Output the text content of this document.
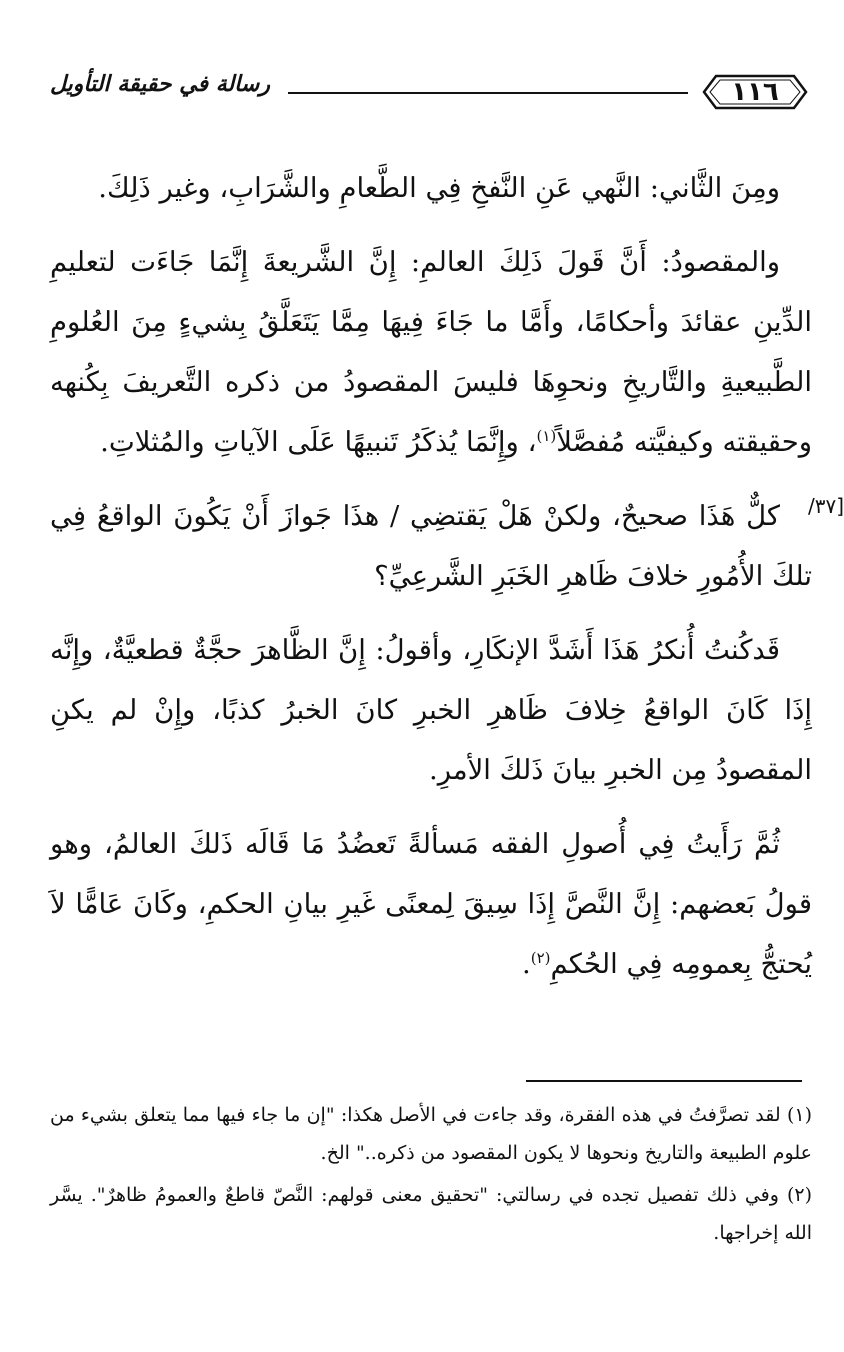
رسالة في حقيقة التأويل	١١٦
[٣٧/

ومِنَ الثَّاني: النَّهي عَنِ النَّفخِ فِي الطَّعامِ والشَّرَابِ، وغير ذَلِكَ.

والمقصودُ: أَنَّ قَولَ ذَلِكَ العالمِ: إِنَّ الشَّريعةَ إِنَّمَا جَاءَت لتعليمِ الدِّينِ عقائدَ وأحكامًا، وأَمَّا ما جَاءَ فِيهَا مِمَّا يَتَعَلَّقُ بِشيءٍ مِنَ العُلومِ الطَّبيعيةِ والتَّاريخِ ونحوِهَا فليسَ المقصودُ من ذكره التَّعريفَ بِكُنهه وحقيقته وكيفيَّته مُفصَّلاً$^{(١)}$، وإِنَّمَا يُذكَرُ تَنبيهًا عَلَى الآياتِ والمُثلاتِ.

كلٌّ هَذَا صحيحٌ، ولكنْ هَلْ يَقتضِي / هذَا جَوازَ أَنْ يَكُونَ الواقعُ فِي تلكَ الأُمُورِ خلافَ ظَاهرِ الخَبَرِ الشَّرعِيِّ؟

قَدكُنتُ أُنكرُ هَذَا أَشَدَّ الإنكَارِ، وأقولُ: إِنَّ الظَّاهرَ حجَّةٌ قطعيَّةٌ، وإِنَّه إِذَا كَانَ الواقعُ خِلافَ ظَاهرِ الخبرِ كانَ الخبرُ كذبًا، وإِنْ لم يكنِ المقصودُ مِن الخبرِ بيانَ ذَلكَ الأمرِ.

ثُمَّ رَأَيتُ فِي أُصولِ الفقه مَسألةً تَعضُدُ مَا قَالَه ذَلكَ العالمُ، وهو قولُ بَعضهم: إِنَّ النَّصَّ إِذَا سِيقَ لِمعنًى غَيرِ بيانِ الحكمِ، وكَانَ عَامًّا لاَ يُحتجُّ بِعمومِه فِي الحُكمِ$^{(٢)}$.

(١) لقد تصرَّفتُ في هذه الفقرة، وقد جاءت في الأصل هكذا: "إن ما جاء فيها مما يتعلق بشيء من علوم الطبيعة والتاريخ ونحوها لا يكون المقصود من ذكره.." الخ.

(٢) وفي ذلك تفصيل تجده في رسالتي: "تحقيق معنى قولهم: النَّصّ قاطعٌ والعمومُ ظاهرٌ". يسَّر الله إخراجها.
